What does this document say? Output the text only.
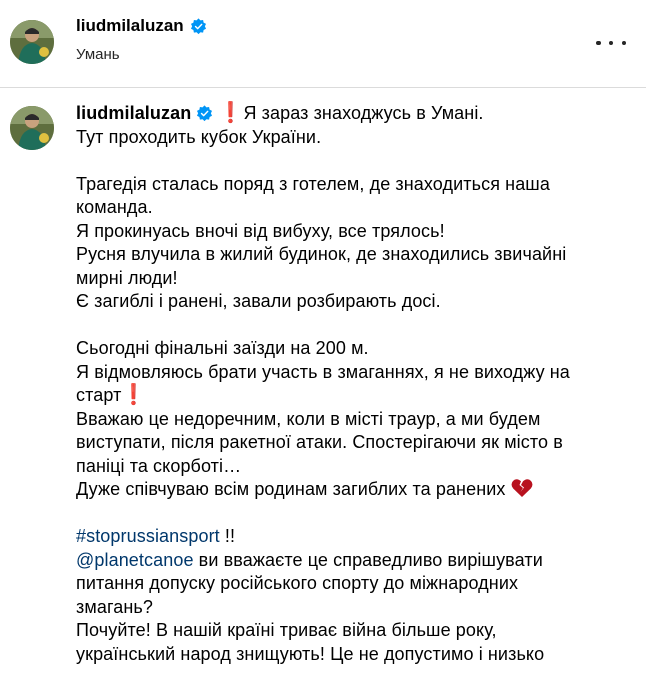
liudmilaluzan
Умань
liudmilaluzan ❗Я зараз знаходжусь в Умані.
Тут проходить кубок України.
Трагедія сталась поряд з готелем, де знаходиться наша
команда.
Я прокинуась вночі від вибуху, все трялось!
Русня влучила в жилий будинок, де знаходились звичайні
мирні люди!
Є загиблі і ранені, завали розбирають досі.
Сьогодні фінальні заїзди на 200 м.
Я відмовляюсь брати участь в змаганнях, я не виходжу на
старт❗
Вважаю це недоречним, коли в місті траур, а ми будем
виступати, після ракетної атаки. Спостерігаючи як місто в
паніці та скорботі…
Дуже співчуваю всім родинам загиблих та ранених
#stoprussiansport !!
@planetcanoe ви вважаєте це справедливо вирішувати
питання допуску російського спорту до міжнародних
змагань?
Почуйте! В нашій країні триває війна більше року,
український народ знищують! Це не допустимо і низько
